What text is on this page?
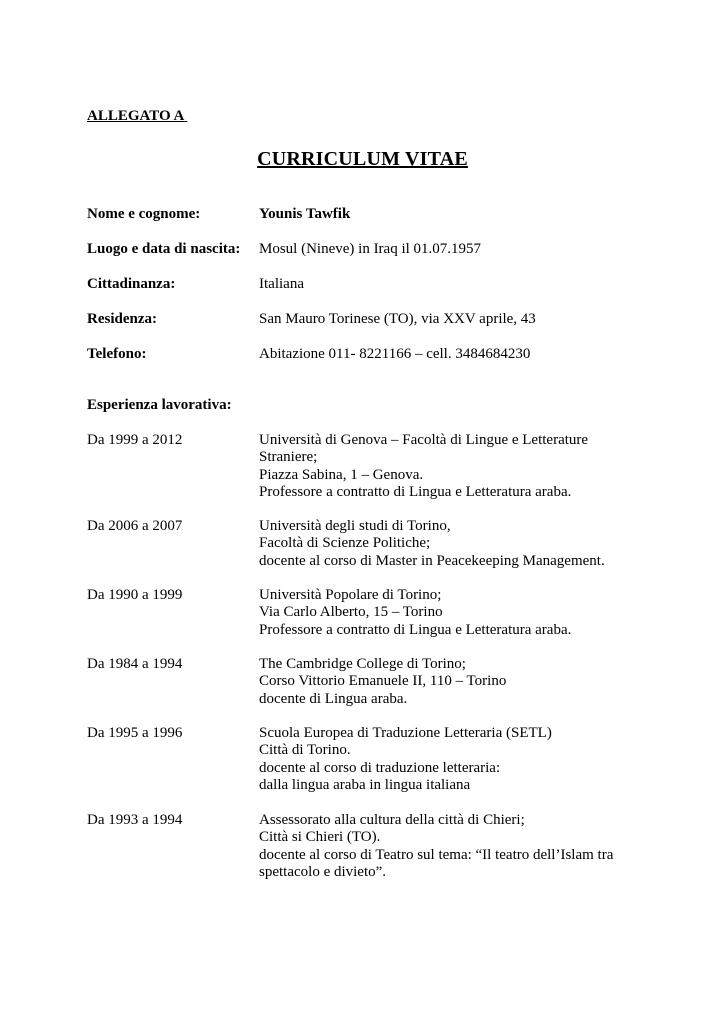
ALLEGATO A
CURRICULUM VITAE
Nome e cognome:	Younis Tawfik
Luogo e data di nascita:	Mosul (Nineve) in Iraq il 01.07.1957
Cittadinanza:	Italiana
Residenza:	San Mauro Torinese (TO), via XXV aprile, 43
Telefono:	Abitazione 011- 8221166 – cell. 3484684230
Esperienza lavorativa:
Da 1999 a 2012	Università di Genova – Facoltà di Lingue e Letterature
Straniere;
Piazza Sabina, 1 – Genova.
Professore a contratto di Lingua e Letteratura araba.
Da 2006 a 2007	Università degli studi di Torino,
Facoltà di Scienze Politiche;
docente al corso di Master in Peacekeeping Management.
Da 1990 a 1999	Università Popolare di Torino;
Via Carlo Alberto, 15 – Torino
Professore a contratto di Lingua e Letteratura araba.
Da 1984 a 1994	The Cambridge College di Torino;
Corso Vittorio Emanuele II, 110 – Torino
docente di Lingua araba.
Da 1995 a 1996	Scuola Europea di Traduzione Letteraria (SETL)
Città di Torino.
docente al corso di traduzione letteraria:
dalla lingua araba in lingua italiana
Da 1993 a 1994	Assessorato alla cultura della città di Chieri;
Città si Chieri (TO).
docente al corso di Teatro sul tema: “Il teatro dell’Islam tra
spettacolo e divieto”.
